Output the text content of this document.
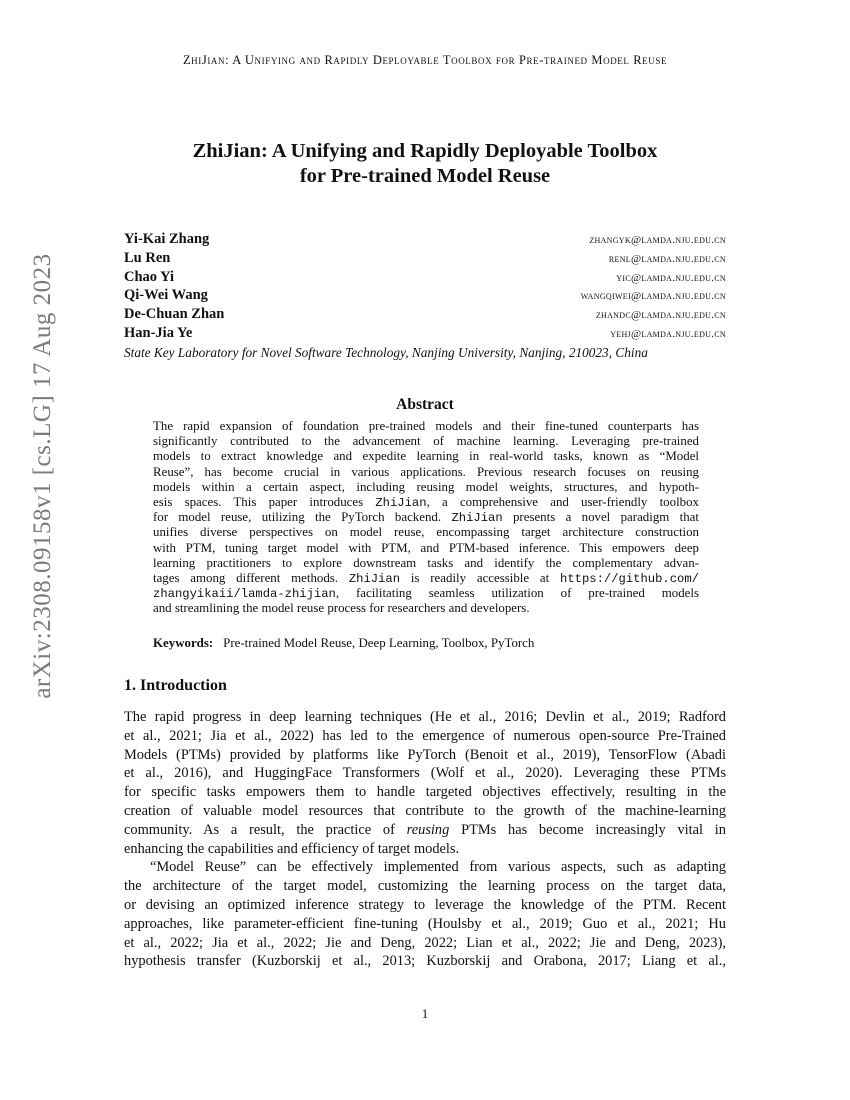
ZhiJian: A Unifying and Rapidly Deployable Toolbox for Pre-trained Model Reuse
arXiv:2308.09158v1 [cs.LG] 17 Aug 2023
ZhiJian: A Unifying and Rapidly Deployable Toolbox
for Pre-trained Model Reuse
Yi-Kai Zhang	zhangyk@lamda.nju.edu.cn
Lu Ren	renl@lamda.nju.edu.cn
Chao Yi	yic@lamda.nju.edu.cn
Qi-Wei Wang	wangqiwei@lamda.nju.edu.cn
De-Chuan Zhan	zhandc@lamda.nju.edu.cn
Han-Jia Ye	yehj@lamda.nju.edu.cn
State Key Laboratory for Novel Software Technology, Nanjing University, Nanjing, 210023, China
Abstract
The rapid expansion of foundation pre-trained models and their fine-tuned counterparts has
significantly contributed to the advancement of machine learning. Leveraging pre-trained
models to extract knowledge and expedite learning in real-world tasks, known as “Model
Reuse”, has become crucial in various applications. Previous research focuses on reusing
models within a certain aspect, including reusing model weights, structures, and hypoth-
esis spaces. This paper introduces ZhiJian, a comprehensive and user-friendly toolbox
for model reuse, utilizing the PyTorch backend. ZhiJian presents a novel paradigm that
unifies diverse perspectives on model reuse, encompassing target architecture construction
with PTM, tuning target model with PTM, and PTM-based inference. This empowers deep
learning practitioners to explore downstream tasks and identify the complementary advan-
tages among different methods. ZhiJian is readily accessible at https://github.com/
zhangyikaii/lamda-zhijian, facilitating seamless utilization of pre-trained models
and streamlining the model reuse process for researchers and developers.
Keywords: Pre-trained Model Reuse, Deep Learning, Toolbox, PyTorch
1. Introduction
The rapid progress in deep learning techniques (He et al., 2016; Devlin et al., 2019; Radford
et al., 2021; Jia et al., 2022) has led to the emergence of numerous open-source Pre-Trained
Models (PTMs) provided by platforms like PyTorch (Benoit et al., 2019), TensorFlow (Abadi
et al., 2016), and HuggingFace Transformers (Wolf et al., 2020). Leveraging these PTMs
for specific tasks empowers them to handle targeted objectives effectively, resulting in the
creation of valuable model resources that contribute to the growth of the machine-learning
community. As a result, the practice of reusing PTMs has become increasingly vital in
enhancing the capabilities and efficiency of target models.
“Model Reuse” can be effectively implemented from various aspects, such as adapting
the architecture of the target model, customizing the learning process on the target data,
or devising an optimized inference strategy to leverage the knowledge of the PTM. Recent
approaches, like parameter-efficient fine-tuning (Houlsby et al., 2019; Guo et al., 2021; Hu
et al., 2022; Jia et al., 2022; Jie and Deng, 2022; Lian et al., 2022; Jie and Deng, 2023),
hypothesis transfer (Kuzborskij et al., 2013; Kuzborskij and Orabona, 2017; Liang et al.,
1
